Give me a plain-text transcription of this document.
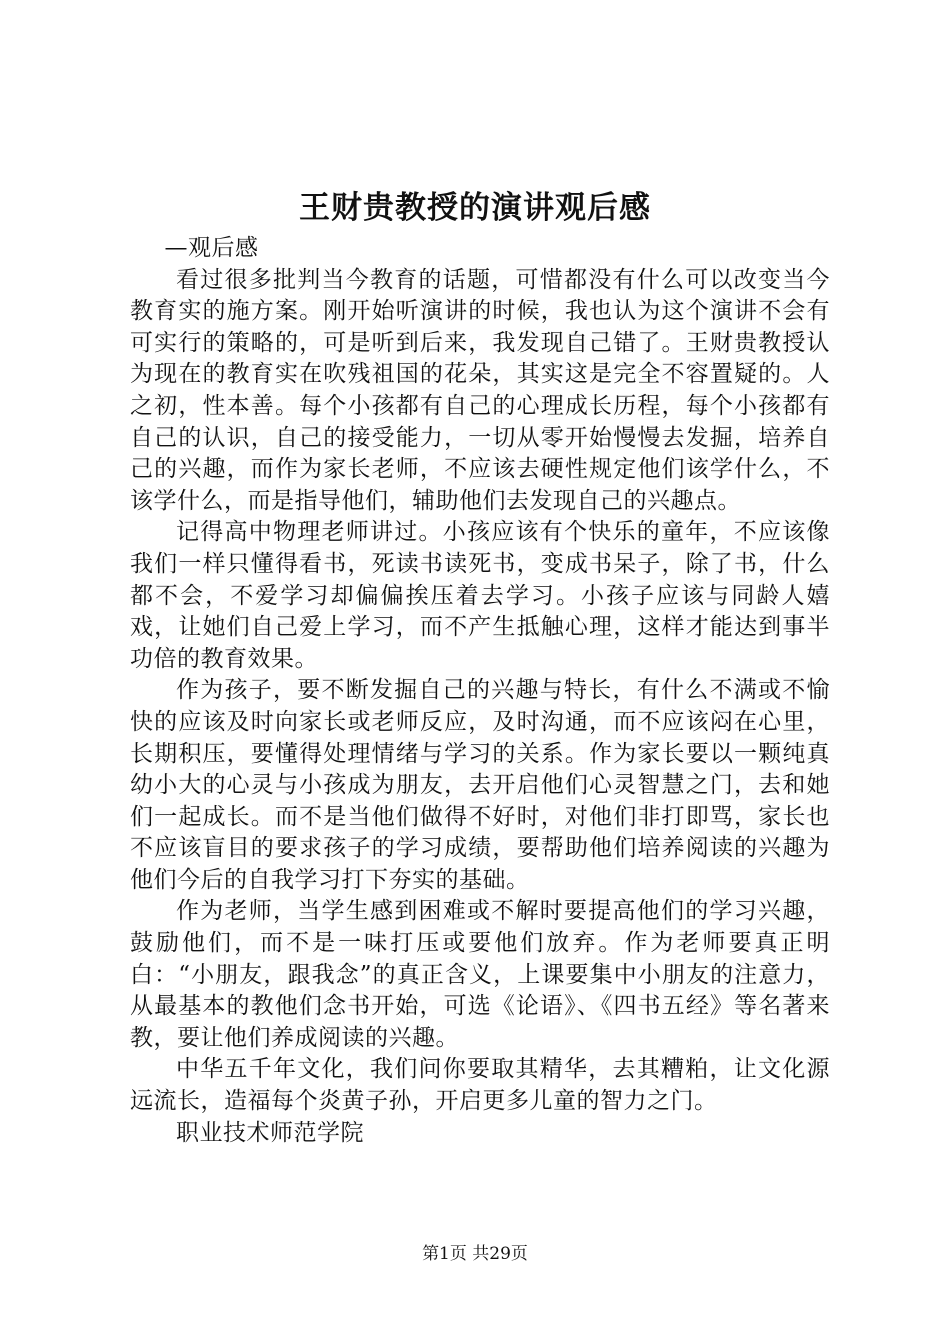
王财贵教授的演讲观后感

—观后感

看过很多批判当今教育的话题，可惜都没有什么可以改变当今教育实的施方案。刚开始听演讲的时候，我也认为这个演讲不会有可实行的策略的，可是听到后来，我发现自己错了。王财贵教授认为现在的教育实在吹残祖国的花朵，其实这是完全不容置疑的。人之初，性本善。每个小孩都有自己的心理成长历程，每个小孩都有自己的认识，自己的接受能力，一切从零开始慢慢去发掘，培养自己的兴趣，而作为家长老师，不应该去硬性规定他们该学什么，不该学什么，而是指导他们，辅助他们去发现自己的兴趣点。

记得高中物理老师讲过。小孩应该有个快乐的童年，不应该像我们一样只懂得看书，死读书读死书，变成书呆子，除了书，什么都不会，不爱学习却偏偏挨压着去学习。小孩子应该与同龄人嬉戏，让她们自己爱上学习，而不产生抵触心理，这样才能达到事半功倍的教育效果。

作为孩子，要不断发掘自己的兴趣与特长，有什么不满或不愉快的应该及时向家长或老师反应，及时沟通，而不应该闷在心里，长期积压，要懂得处理情绪与学习的关系。作为家长要以一颗纯真幼小大的心灵与小孩成为朋友，去开启他们心灵智慧之门，去和她们一起成长。而不是当他们做得不好时，对他们非打即骂，家长也不应该盲目的要求孩子的学习成绩，要帮助他们培养阅读的兴趣为他们今后的自我学习打下夯实的基础。

作为老师，当学生感到困难或不解时要提高他们的学习兴趣，鼓励他们，而不是一味打压或要他们放弃。作为老师要真正明白：“小朋友，跟我念”的真正含义，上课要集中小朋友的注意力，从最基本的教他们念书开始，可选《论语》、《四书五经》等名著来教，要让他们养成阅读的兴趣。

中华五千年文化，我们问你要取其精华，去其糟粕，让文化源远流长，造福每个炎黄子孙，开启更多儿童的智力之门。

职业技术师范学院

第1页 共29页
